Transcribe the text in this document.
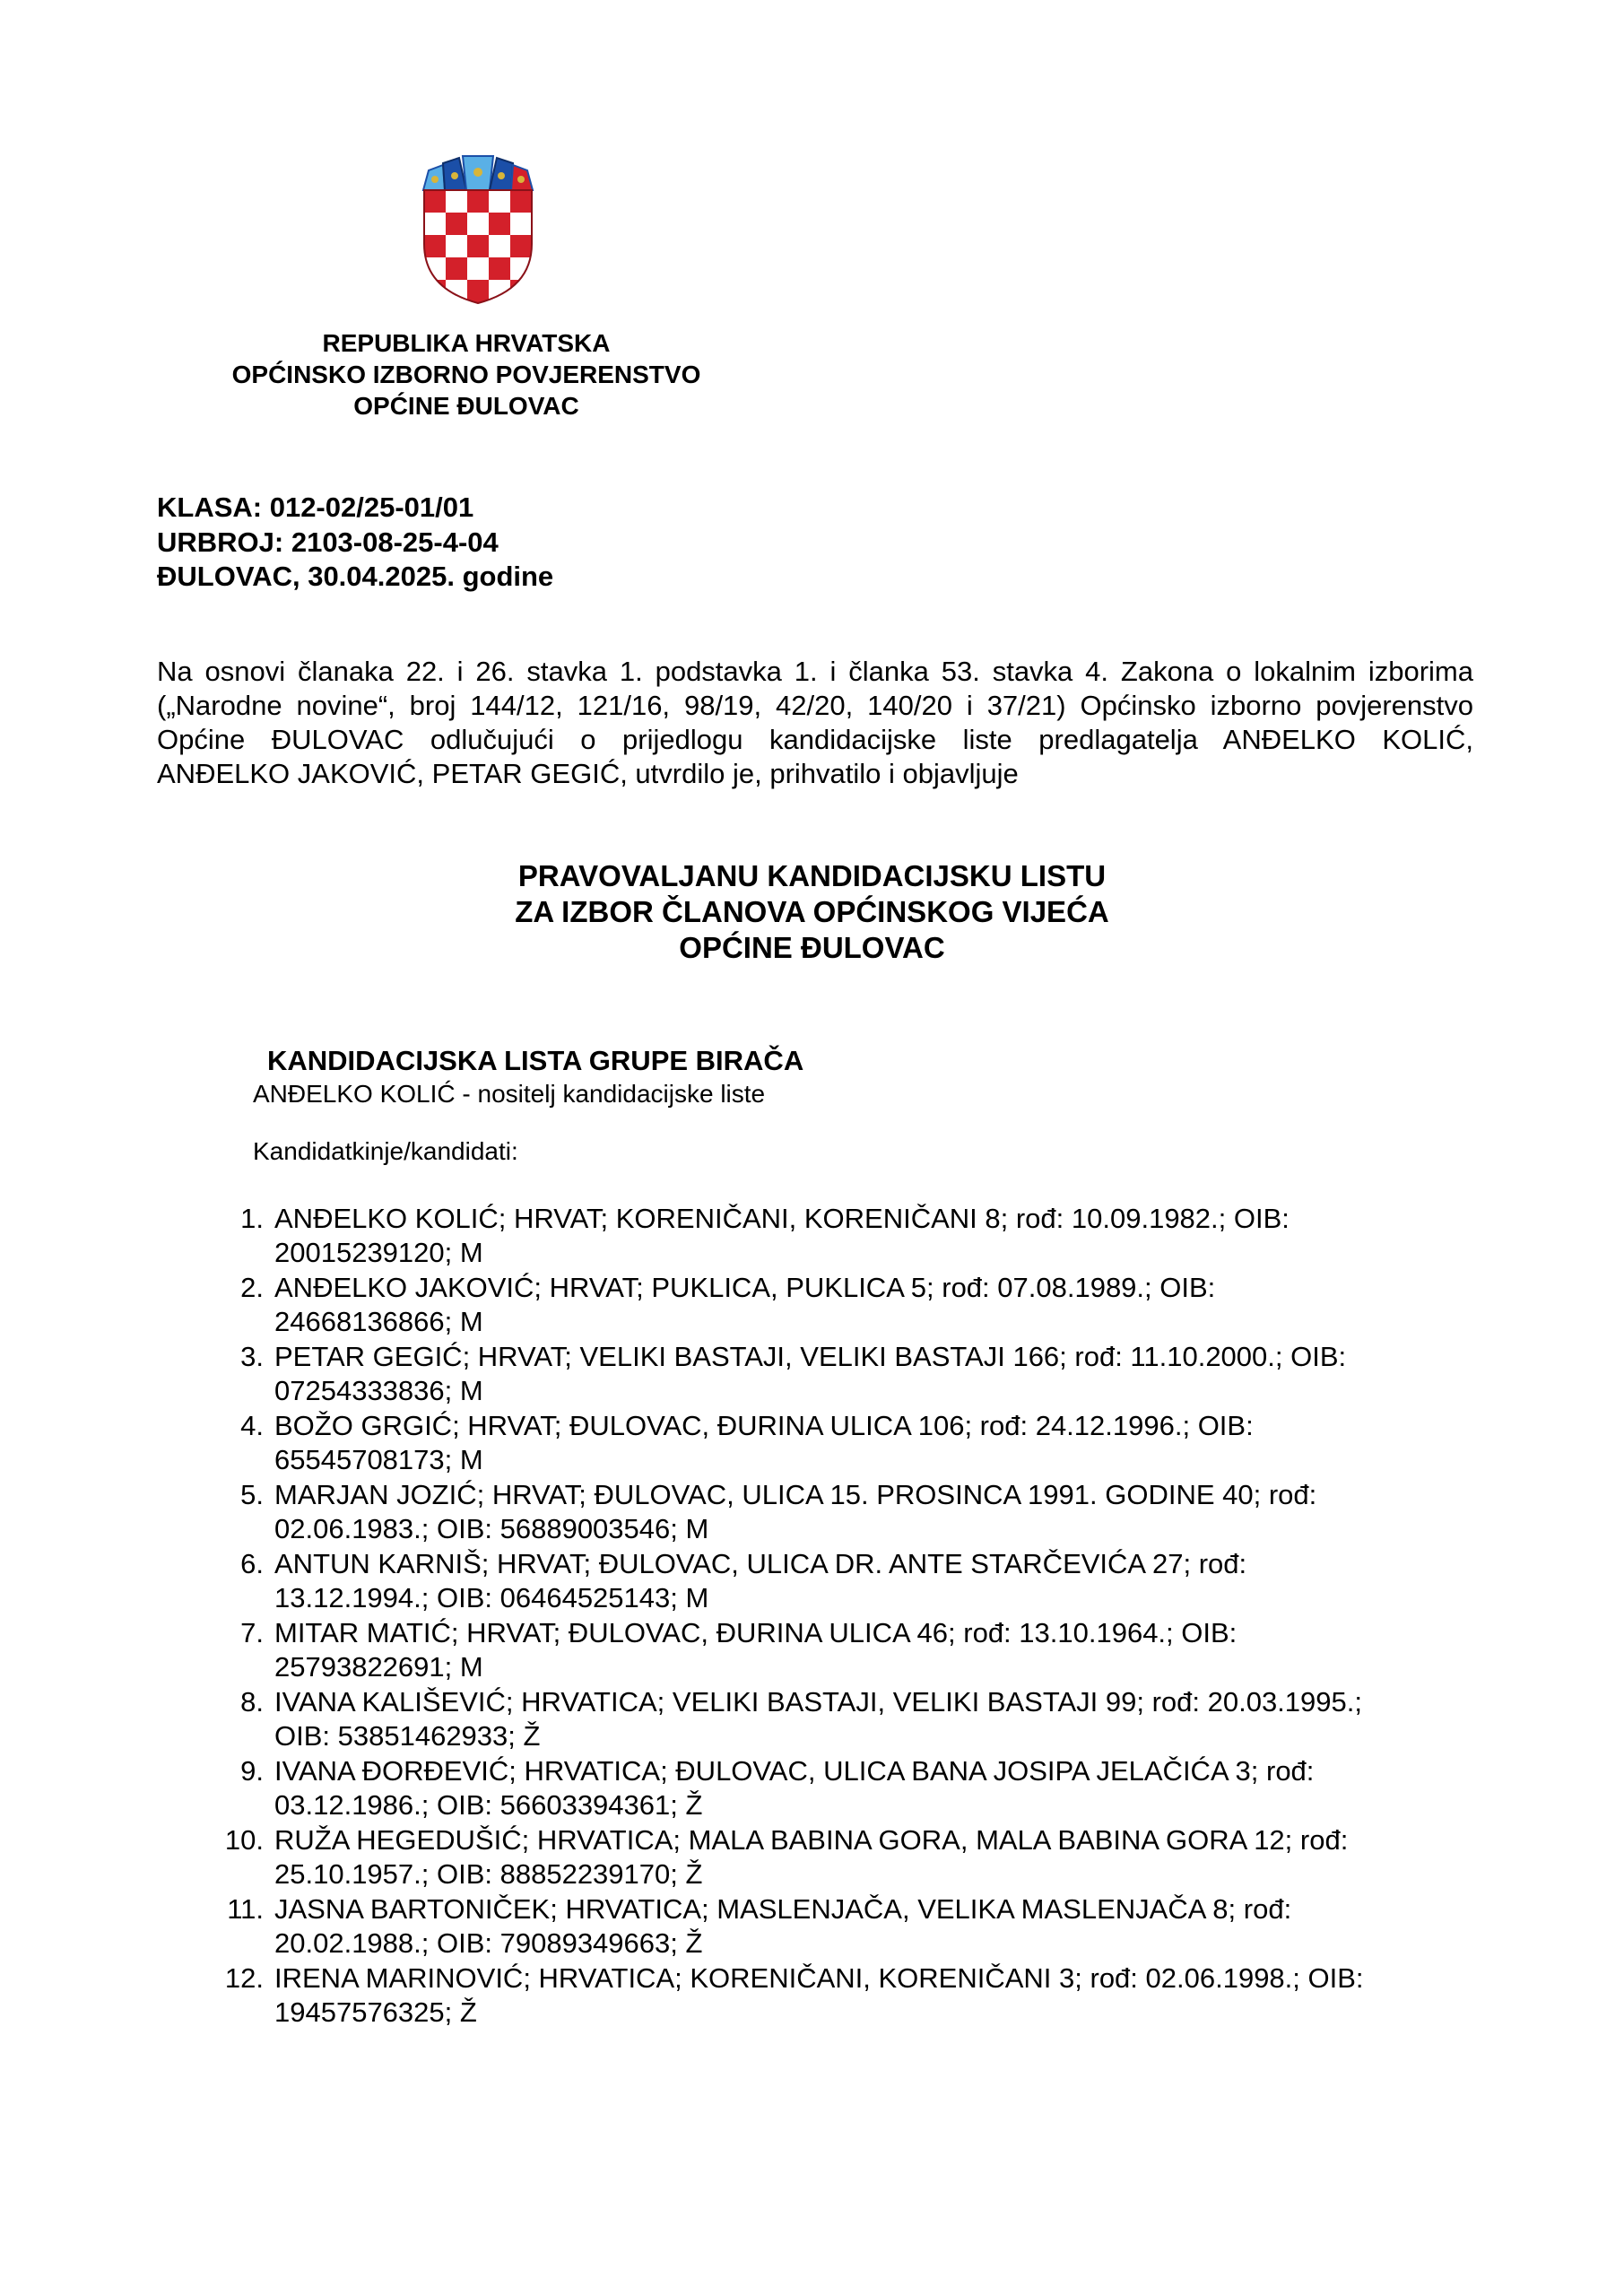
REPUBLIKA HRVATSKA
OPĆINSKO IZBORNO POVJERENSTVO
OPĆINE ĐULOVAC
KLASA: 012-02/25-01/01
URBROJ: 2103-08-25-4-04
ĐULOVAC, 30.04.2025. godine
Na osnovi članaka 22. i 26. stavka 1. podstavka 1. i članka 53. stavka 4. Zakona o lokalnim izborima
(„Narodne novine“, broj 144/12, 121/16, 98/19, 42/20, 140/20 i 37/21) Općinsko izborno povjerenstvo
Općine ĐULOVAC odlučujući o prijedlogu kandidacijske liste predlagatelja ANĐELKO KOLIĆ,
ANĐELKO JAKOVIĆ, PETAR GEGIĆ, utvrdilo je, prihvatilo i objavljuje
PRAVOVALJANU KANDIDACIJSKU LISTU
ZA IZBOR ČLANOVA OPĆINSKOG VIJEĆA
OPĆINE ĐULOVAC
KANDIDACIJSKA LISTA GRUPE BIRAČA
ANĐELKO KOLIĆ - nositelj kandidacijske liste
Kandidatkinje/kandidati:
1. ANĐELKO KOLIĆ; HRVAT; KORENIČANI, KORENIČANI 8; rođ: 10.09.1982.; OIB:
20015239120; M
2. ANĐELKO JAKOVIĆ; HRVAT; PUKLICA, PUKLICA 5; rođ: 07.08.1989.; OIB:
24668136866; M
3. PETAR GEGIĆ; HRVAT; VELIKI BASTAJI, VELIKI BASTAJI 166; rođ: 11.10.2000.; OIB:
07254333836; M
4. BOŽO GRGIĆ; HRVAT; ĐULOVAC, ĐURINA ULICA 106; rođ: 24.12.1996.; OIB:
65545708173; M
5. MARJAN JOZIĆ; HRVAT; ĐULOVAC, ULICA 15. PROSINCA 1991. GODINE 40; rođ:
02.06.1983.; OIB: 56889003546; M
6. ANTUN KARNIŠ; HRVAT; ĐULOVAC, ULICA DR. ANTE STARČEVIĆA 27; rođ:
13.12.1994.; OIB: 06464525143; M
7. MITAR MATIĆ; HRVAT; ĐULOVAC, ĐURINA ULICA 46; rođ: 13.10.1964.; OIB:
25793822691; M
8. IVANA KALIŠEVIĆ; HRVATICA; VELIKI BASTAJI, VELIKI BASTAJI 99; rođ: 20.03.1995.;
OIB: 53851462933; Ž
9. IVANA ĐORĐEVIĆ; HRVATICA; ĐULOVAC, ULICA BANA JOSIPA JELAČIĆA 3; rođ:
03.12.1986.; OIB: 56603394361; Ž
10. RUŽA HEGEDUŠIĆ; HRVATICA; MALA BABINA GORA, MALA BABINA GORA 12; rođ:
25.10.1957.; OIB: 88852239170; Ž
11. JASNA BARTONIČEK; HRVATICA; MASLENJAČA, VELIKA MASLENJAČA 8; rođ:
20.02.1988.; OIB: 79089349663; Ž
12. IRENA MARINOVIĆ; HRVATICA; KORENIČANI, KORENIČANI 3; rođ: 02.06.1998.; OIB:
19457576325; Ž
